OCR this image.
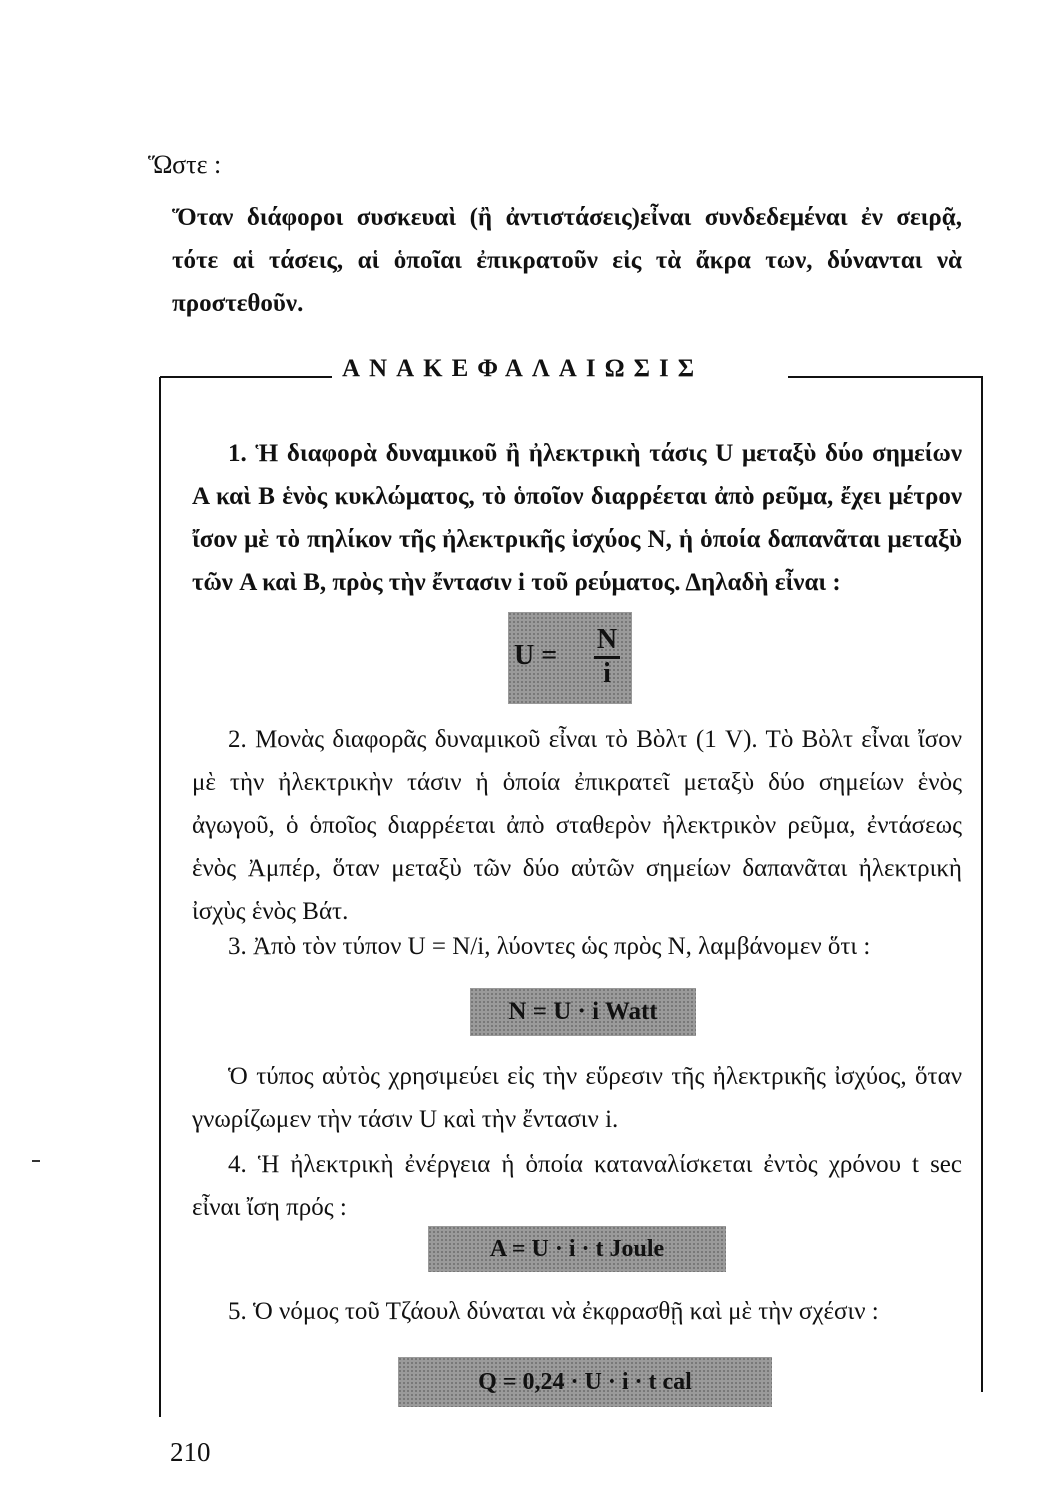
Ὥστε :

Ὅταν διάφοροι συσκευαὶ (ἢ ἀντιστάσεις)εἶναι συνδεδεμέναι ἐν σειρᾷ, τότε αἱ τάσεις, αἱ ὁποῖαι ἐπικρατοῦν εἰς τὰ ἄκρα των, δύνανται νὰ προστεθοῦν.

ΑΝΑΚΕΦΑΛΑΙΩΣΙΣ

1. Ἡ διαφορὰ δυναμικοῦ ἢ ἠλεκτρικὴ τάσις U μεταξὺ δύο σημείων A καὶ B ἑνὸς κυκλώματος, τὸ ὁποῖον διαρρέεται ἀπὸ ρεῦμα, ἔχει μέτρον ἴσον μὲ τὸ πηλίκον τῆς ἠλεκτρικῆς ἰσχύος N, ἡ ὁποία δαπανᾶται μεταξὺ τῶν A καὶ B, πρὸς τὴν ἔντασιν i τοῦ ρεύματος. Δηλαδὴ εἶναι :

U =
N
i

2. Μονὰς διαφορᾶς δυναμικοῦ εἶναι τὸ Βὸλτ (1 V). Τὸ Βὸλτ εἶναι ἴσον μὲ τὴν ἠλεκτρικὴν τάσιν ἡ ὁποία ἐπικρατεῖ μεταξὺ δύο σημείων ἑνὸς ἀγωγοῦ, ὁ ὁποῖος διαρρέεται ἀπὸ σταθερὸν ἠλεκτρικὸν ρεῦμα, ἐντάσεως ἑνὸς Ἀμπέρ, ὅταν μεταξὺ τῶν δύο αὐτῶν σημείων δαπανᾶται ἠλεκτρικὴ ἰσχὺς ἑνὸς Βάτ.

3. Ἀπὸ τὸν τύπον U = N/i, λύοντες ὡς πρὸς N, λαμβάνομεν ὅτι :

N = U · i Watt

Ὁ τύπος αὐτὸς χρησιμεύει εἰς τὴν εὕρεσιν τῆς ἠλεκτρικῆς ἰσχύος, ὅταν γνωρίζωμεν τὴν τάσιν U καὶ τὴν ἔντασιν i.

4. Ἡ ἠλεκτρικὴ ἐνέργεια ἡ ὁποία καταναλίσκεται ἐντὸς χρόνου t sec εἶναι ἴση πρός :

A = U · i · t Joule

5. Ὁ νόμος τοῦ Τζάουλ δύναται νὰ ἐκφρασθῇ καὶ μὲ τὴν σχέσιν :

Q = 0,24 · U · i · t cal
210
